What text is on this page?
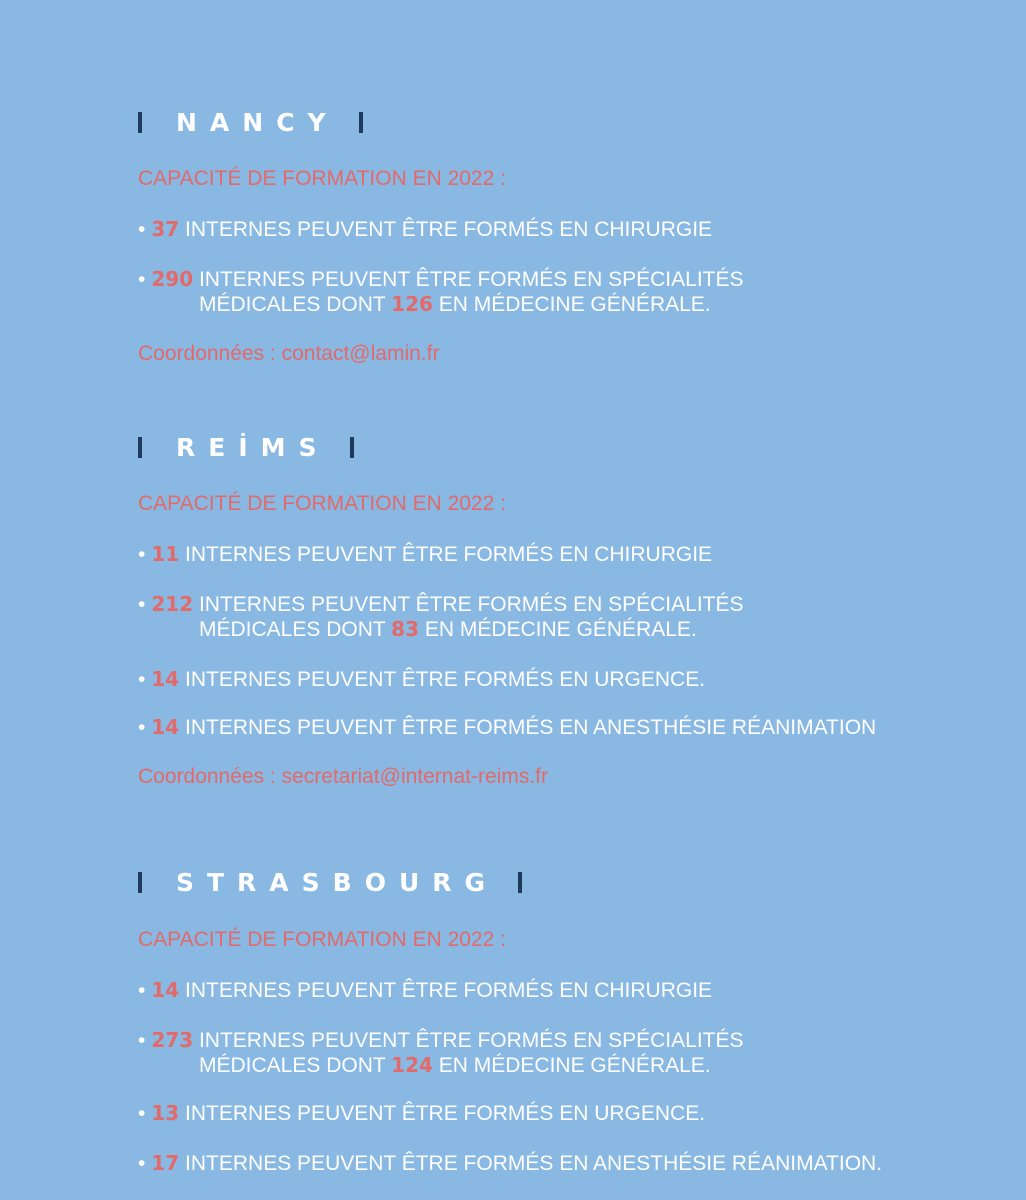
NANCY
CAPACITÉ DE FORMATION EN 2022 :
• 37 INTERNES PEUVENT ÊTRE FORMÉS EN CHIRURGIE
• 290 INTERNES PEUVENT ÊTRE FORMÉS EN SPÉCIALITÉS
MÉDICALES DONT 126 EN MÉDECINE GÉNÉRALE.
Coordonnées : contact@lamin.fr
REİMS
CAPACITÉ DE FORMATION EN 2022 :
• 11 INTERNES PEUVENT ÊTRE FORMÉS EN CHIRURGIE
• 212 INTERNES PEUVENT ÊTRE FORMÉS EN SPÉCIALITÉS
MÉDICALES DONT 83 EN MÉDECINE GÉNÉRALE.
• 14 INTERNES PEUVENT ÊTRE FORMÉS EN URGENCE.
• 14 INTERNES PEUVENT ÊTRE FORMÉS EN ANESTHÉSIE RÉANIMATION
Coordonnées : secretariat@internat-reims.fr
STRASBOURG
CAPACITÉ DE FORMATION EN 2022 :
• 14 INTERNES PEUVENT ÊTRE FORMÉS EN CHIRURGIE
• 273 INTERNES PEUVENT ÊTRE FORMÉS EN SPÉCIALITÉS
MÉDICALES DONT 124 EN MÉDECINE GÉNÉRALE.
• 13 INTERNES PEUVENT ÊTRE FORMÉS EN URGENCE.
• 17 INTERNES PEUVENT ÊTRE FORMÉS EN ANESTHÉSIE RÉANIMATION.
